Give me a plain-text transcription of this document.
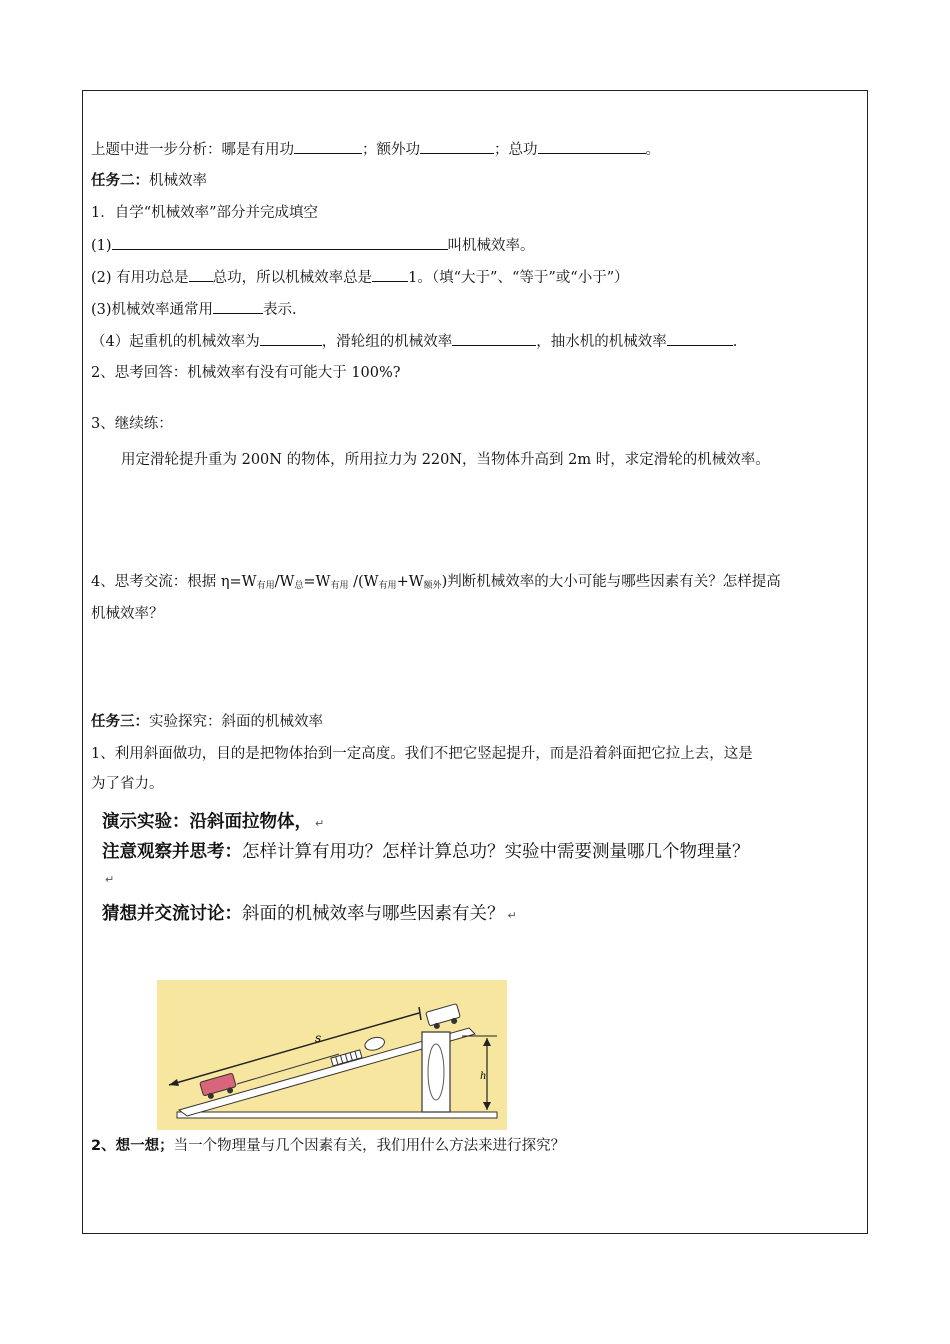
上题中进一步分析：哪是有用功	；额外功	；总功	。
任务二：机械效率
1．自学“机械效率”部分并完成填空
(1)	叫机械效率。
(2) 有用功总是 总功，所以机械效率总是 1。（填“大于”、“等于”或“小于”）
(3)机械效率通常用	表示.
（4）起重机的机械效率为	，滑轮组的机械效率	，抽水机的机械效率	.
2、思考回答：机械效率有没有可能大于 100%?
3、继续练：
用定滑轮提升重为 200N 的物体，所用拉力为 220N，当物体升高到 2m 时，求定滑轮的机械效率。
4、思考交流：根据 $\eta=W_{有用}/W_总=W_{有用}$ $/(W_{有用}+W_{额外})$判断机械效率的大小可能与哪些因素有关？怎样提高
机械效率？
任务三：实验探究：斜面的机械效率
1、利用斜面做功，目的是把物体抬到一定高度。我们不把它竖起提升，而是沿着斜面把它拉上去，这是
为了省力。
演示实验：沿斜面拉物体， ↵
注意观察并思考：怎样计算有用功？怎样计算总功？实验中需要测量哪几个物理量？
↵
猜想并交流讨论：斜面的机械效率与哪些因素有关？ ↵
s
h
2、想一想；当一个物理量与几个因素有关，我们用什么方法来进行探究？
